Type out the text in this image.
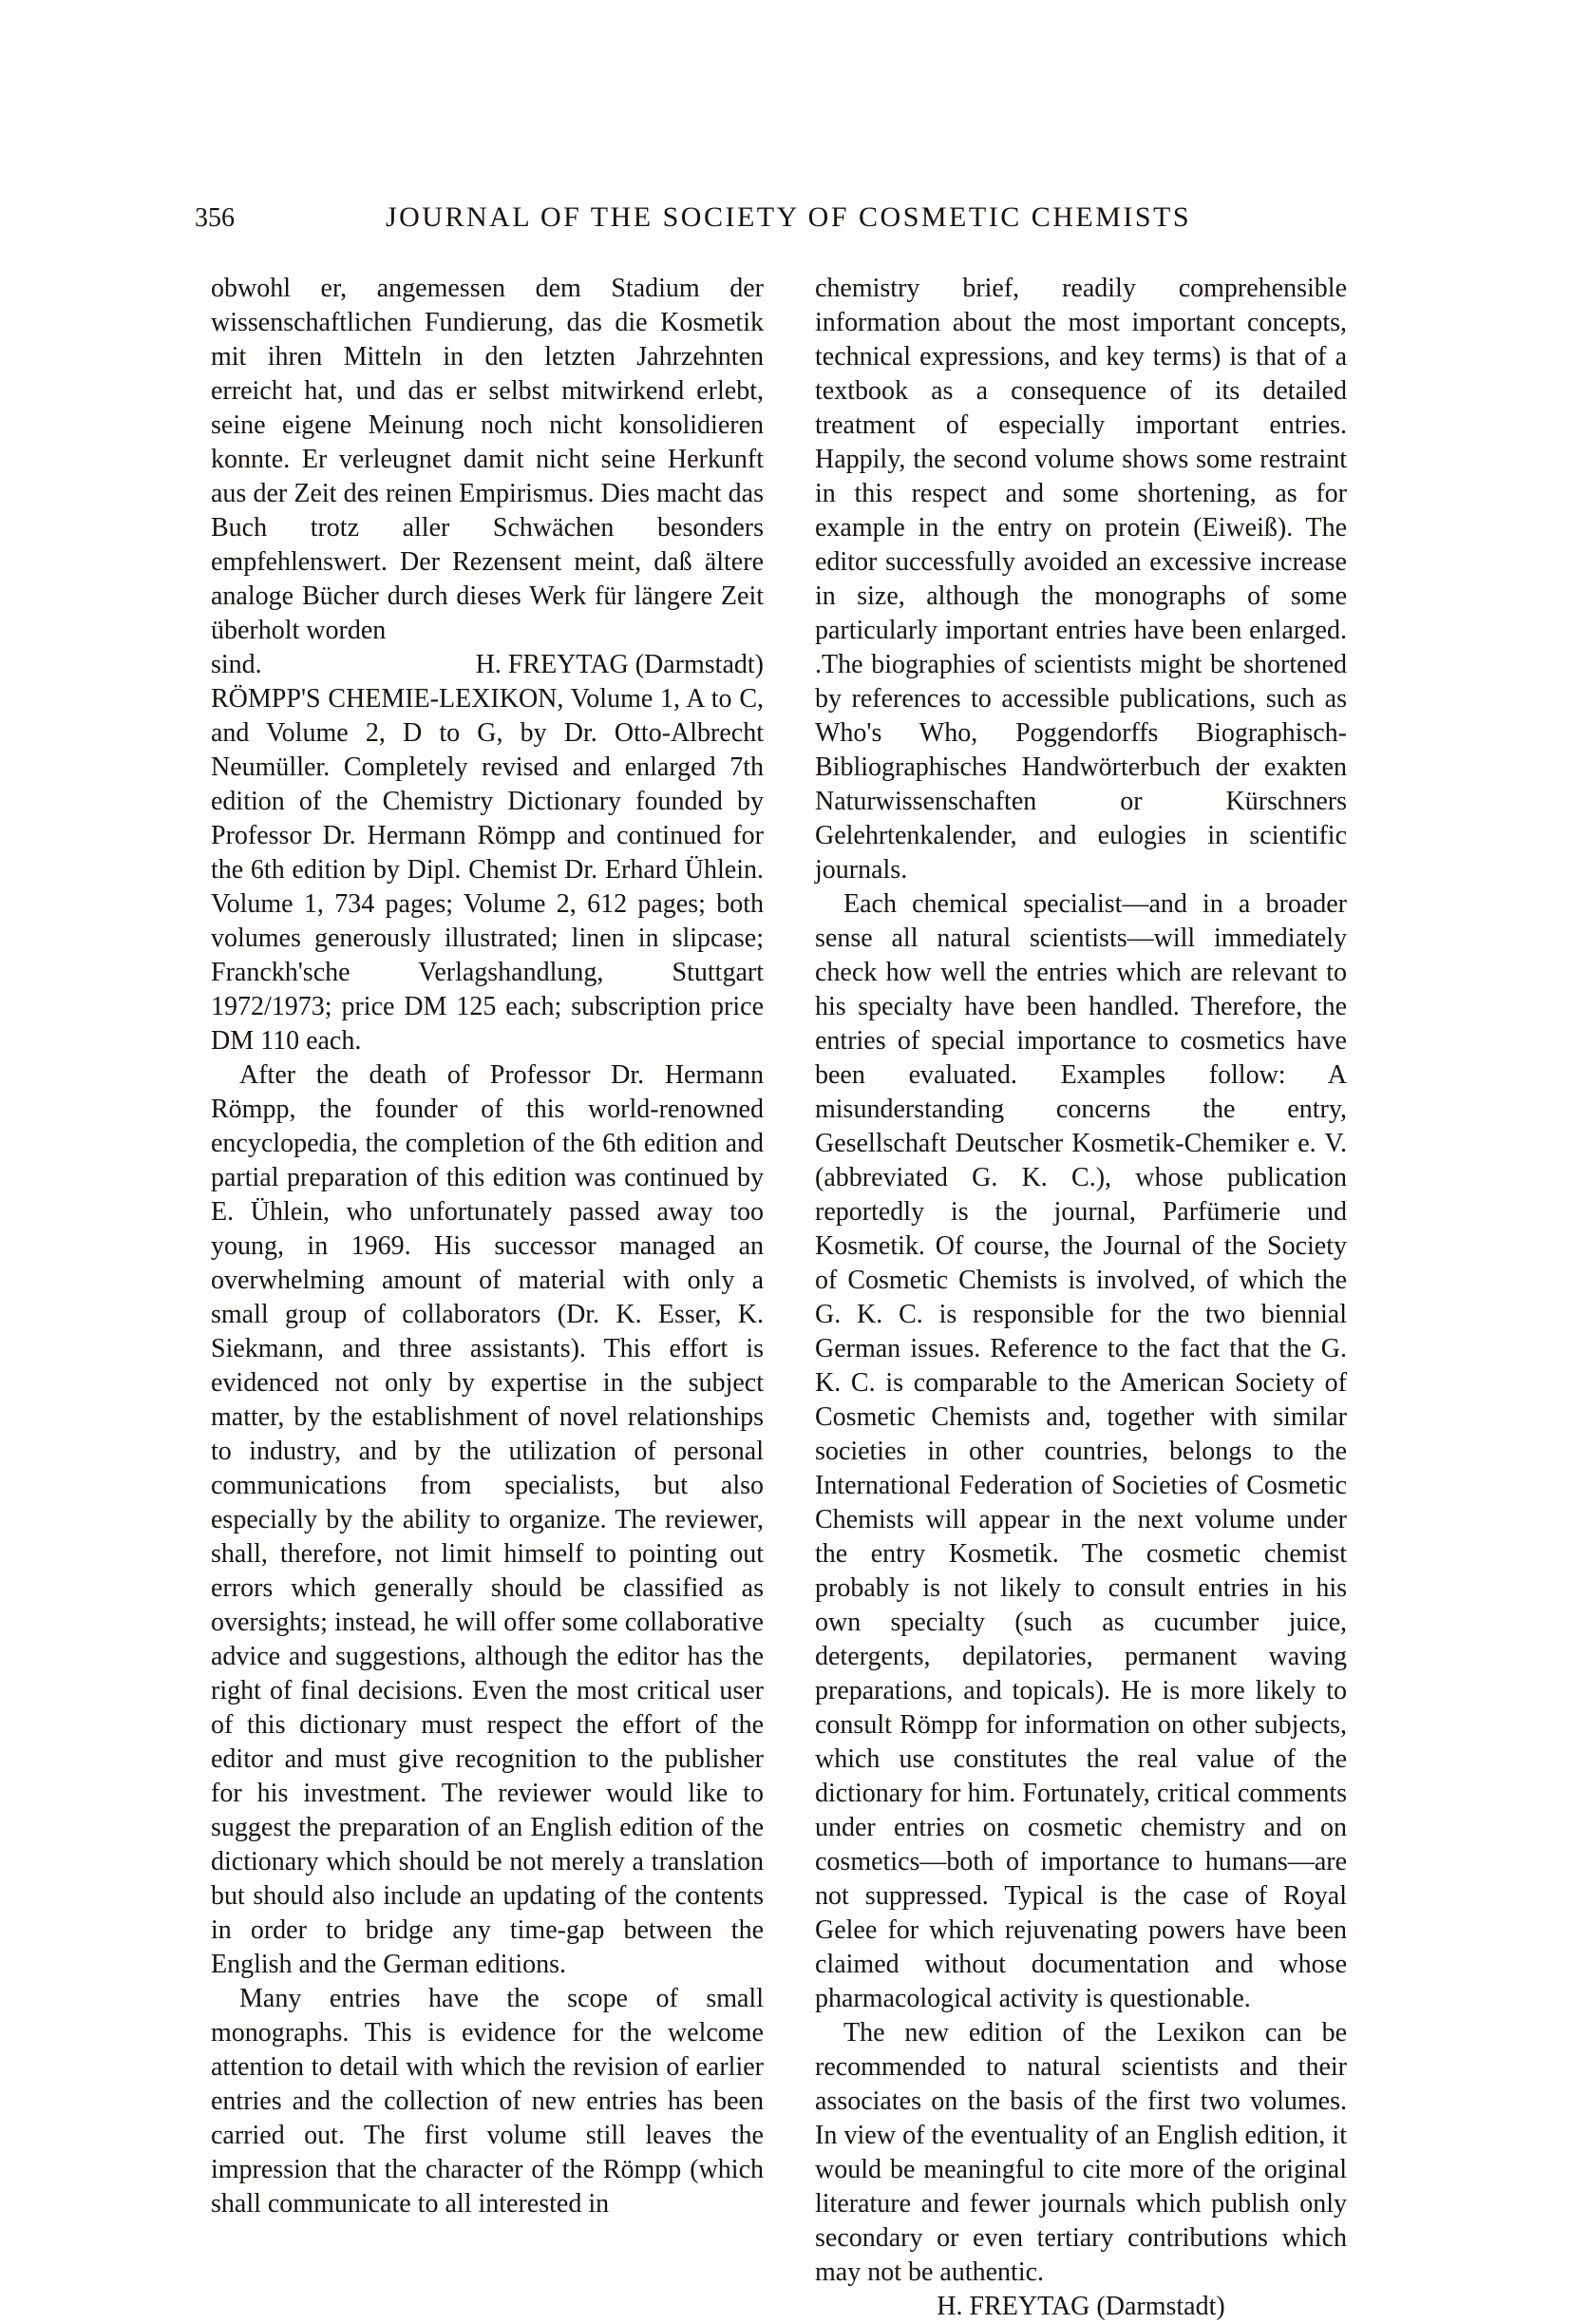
356	JOURNAL OF THE SOCIETY OF COSMETIC CHEMISTS

obwohl er, angemessen dem Stadium der wissenschaftlichen Fundierung, das die Kosmetik mit ihren Mitteln in den letzten Jahrzehnten erreicht hat, und das er selbst mitwirkend erlebt, seine eigene Meinung noch nicht konsolidieren konnte. Er verleugnet damit nicht seine Herkunft aus der Zeit des reinen Empirismus. Dies macht das Buch trotz aller Schwächen besonders empfehlenswert. Der Rezensent meint, daß ältere analoge Bücher durch dieses Werk für längere Zeit überholt worden

sind.	H. FREYTAG (Darmstadt)

RÖMPP'S CHEMIE-LEXIKON, Volume 1, A to C, and Volume 2, D to G, by Dr. Otto-Albrecht Neumüller. Completely revised and enlarged 7th edition of the Chemistry Dictionary founded by Professor Dr. Hermann Römpp and continued for the 6th edition by Dipl. Chemist Dr. Erhard Ühlein. Volume 1, 734 pages; Volume 2, 612 pages; both volumes generously illustrated; linen in slipcase; Franckh'sche Verlagshandlung, Stuttgart 1972/1973; price DM 125 each; subscription price DM 110 each.

After the death of Professor Dr. Hermann Römpp, the founder of this world-renowned encyclopedia, the completion of the 6th edition and partial preparation of this edition was continued by E. Ühlein, who unfortunately passed away too young, in 1969. His successor managed an overwhelming amount of material with only a small group of collaborators (Dr. K. Esser, K. Siekmann, and three assistants). This effort is evidenced not only by expertise in the subject matter, by the establishment of novel relationships to industry, and by the utilization of personal communications from specialists, but also especially by the ability to organize. The reviewer, shall, therefore, not limit himself to pointing out errors which generally should be classified as oversights; instead, he will offer some collaborative advice and suggestions, although the editor has the right of final decisions. Even the most critical user of this dictionary must respect the effort of the editor and must give recognition to the publisher for his investment. The reviewer would like to suggest the preparation of an English edition of the dictionary which should be not merely a translation but should also include an updating of the contents in order to bridge any time-gap between the English and the German editions.

Many entries have the scope of small monographs. This is evidence for the welcome attention to detail with which the revision of earlier entries and the collection of new entries has been carried out. The first volume still leaves the impression that the character of the Römpp (which shall communicate to all interested in

chemistry brief, readily comprehensible information about the most important concepts, technical expressions, and key terms) is that of a textbook as a consequence of its detailed treatment of especially important entries. Happily, the second volume shows some restraint in this respect and some shortening, as for example in the entry on protein (Eiweiß). The editor successfully avoided an excessive increase in size, although the monographs of some particularly important entries have been enlarged. .The biographies of scientists might be shortened by references to accessible publications, such as Who's Who, Poggendorffs Biographisch-Bibliographisches Handwörterbuch der exakten Naturwissenschaften or Kürschners Gelehrtenkalender, and eulogies in scientific journals.

Each chemical specialist—and in a broader sense all natural scientists—will immediately check how well the entries which are relevant to his specialty have been handled. Therefore, the entries of special importance to cosmetics have been evaluated. Examples follow: A misunderstanding concerns the entry, Gesellschaft Deutscher Kosmetik-Chemiker e. V. (abbreviated G. K. C.), whose publication reportedly is the journal, Parfümerie und Kosmetik. Of course, the Journal of the Society of Cosmetic Chemists is involved, of which the G. K. C. is responsible for the two biennial German issues. Reference to the fact that the G. K. C. is comparable to the American Society of Cosmetic Chemists and, together with similar societies in other countries, belongs to the International Federation of Societies of Cosmetic Chemists will appear in the next volume under the entry Kosmetik. The cosmetic chemist probably is not likely to consult entries in his own specialty (such as cucumber juice, detergents, depilatories, permanent waving preparations, and topicals). He is more likely to consult Römpp for information on other subjects, which use constitutes the real value of the dictionary for him. Fortunately, critical comments under entries on cosmetic chemistry and on cosmetics—both of importance to humans—are not suppressed. Typical is the case of Royal Gelee for which rejuvenating powers have been claimed without documentation and whose pharmacological activity is questionable.

The new edition of the Lexikon can be recommended to natural scientists and their associates on the basis of the first two volumes. In view of the eventuality of an English edition, it would be meaningful to cite more of the original literature and fewer journals which publish only secondary or even tertiary contributions which may not be authentic.

H. FREYTAG (Darmstadt)
